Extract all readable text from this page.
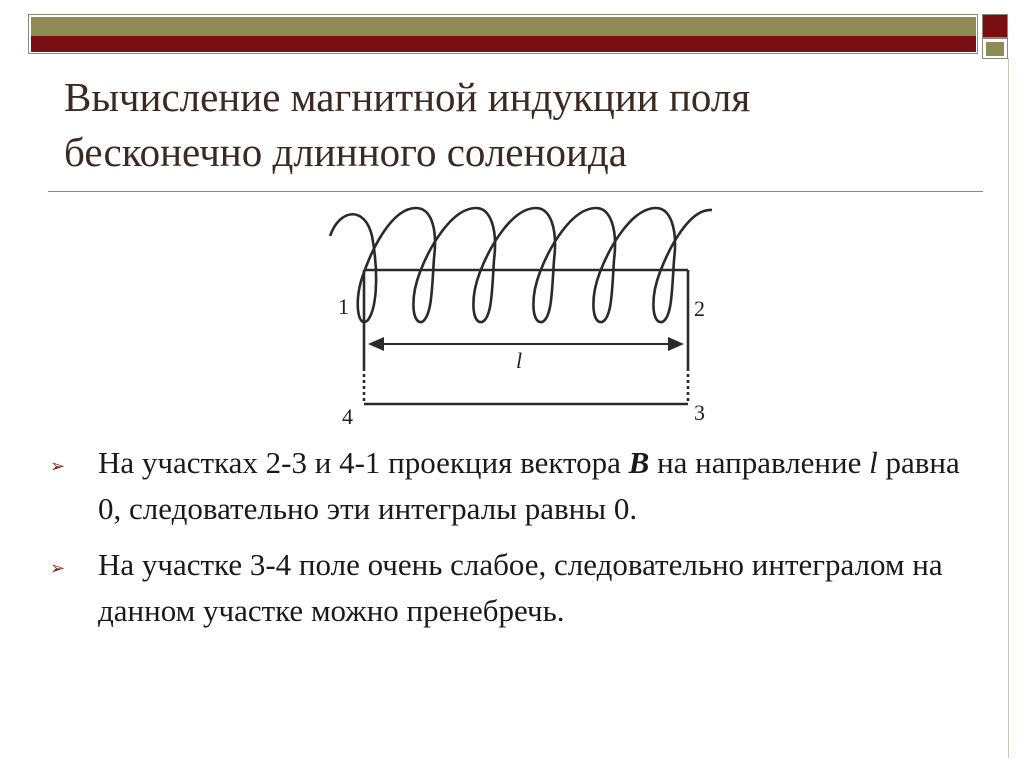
Вычисление магнитной индукции поля
бесконечно длинного соленоида
1	2
4	3
l
➢ На участках 2-3 и 4-1 проекция вектора B на направление l равна 0, следовательно эти интегралы равны 0.
➢ На участке 3-4 поле очень слабое, следовательно интегралом на данном участке можно пренебречь.
